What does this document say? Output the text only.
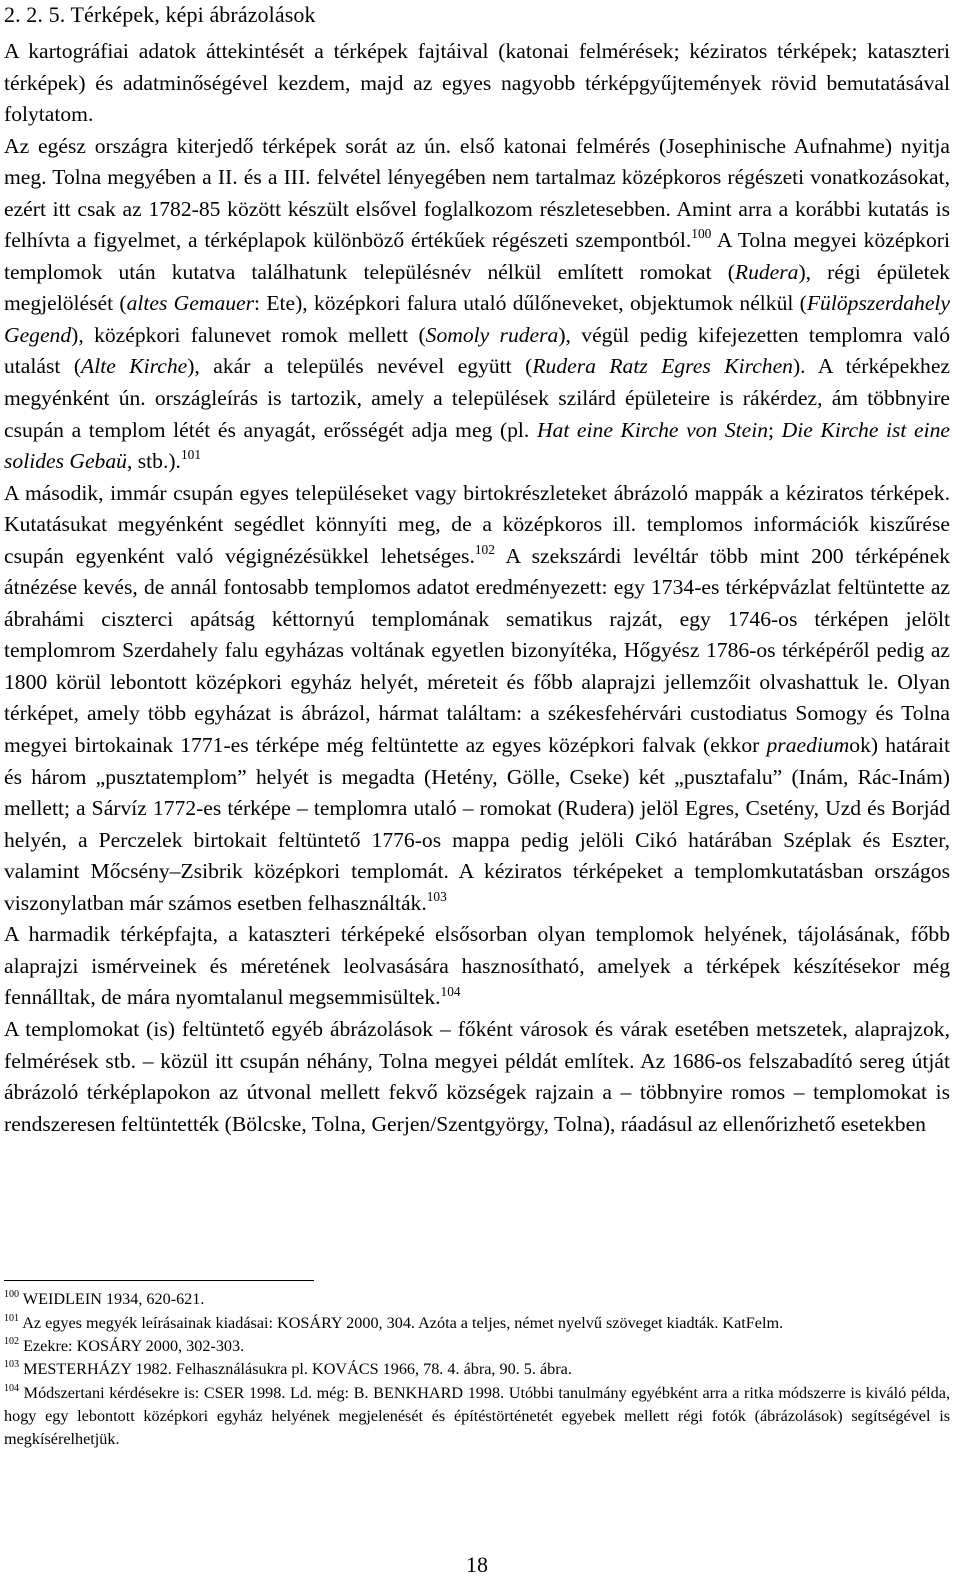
2. 2. 5. Térképek, képi ábrázolások

A kartográfiai adatok áttekintését a térképek fajtáival (katonai felmérések; kéziratos térképek; kataszteri térképek) és adatminőségével kezdem, majd az egyes nagyobb térképgyűjtemények rövid bemutatásával folytatom.

Az egész országra kiterjedő térképek sorát az ún. első katonai felmérés (Josephinische Aufnahme) nyitja meg. Tolna megyében a II. és a III. felvétel lényegében nem tartalmaz középkoros régészeti vonatkozásokat, ezért itt csak az 1782-85 között készült elsővel foglalkozom részletesebben. Amint arra a korábbi kutatás is felhívta a figyelmet, a térképlapok különböző értékűek régészeti szempontból.$^{100}$ A Tolna megyei középkori templomok után kutatva találhatunk településnév nélkül említett romokat (Rudera), régi épületek megjelölését (altes Gemauer: Ete), középkori falura utaló dűlőneveket, objektumok nélkül (Fülöpszerdahely Gegend), középkori falunevet romok mellett (Somoly rudera), végül pedig kifejezetten templomra való utalást (Alte Kirche), akár a település nevével együtt (Rudera Ratz Egres Kirchen). A térképekhez megyénként ún. országleírás is tartozik, amely a települések szilárd épületeire is rákérdez, ám többnyire csupán a templom létét és anyagát, erősségét adja meg (pl. Hat eine Kirche von Stein; Die Kirche ist eine solides Gebaü, stb.).$^{101}$

A második, immár csupán egyes településeket vagy birtokrészleteket ábrázoló mappák a kéziratos térképek. Kutatásukat megyénként segédlet könnyíti meg, de a középkoros ill. templomos információk kiszűrése csupán egyenként való végignézésükkel lehetséges.$^{102}$ A szekszárdi levéltár több mint 200 térképének átnézése kevés, de annál fontosabb templomos adatot eredményezett: egy 1734-es térképvázlat feltüntette az ábrahámi ciszterci apátság kéttornyú templomának sematikus rajzát, egy 1746-os térképen jelölt templomrom Szerdahely falu egyházas voltának egyetlen bizonyítéka, Hőgyész 1786-os térképéről pedig az 1800 körül lebontott középkori egyház helyét, méreteit és főbb alaprajzi jellemzőit olvashattuk le. Olyan térképet, amely több egyházat is ábrázol, hármat találtam: a székesfehérvári custodiatus Somogy és Tolna megyei birtokainak 1771-es térképe még feltüntette az egyes középkori falvak (ekkor praediumok) határait és három „pusztatemplom” helyét is megadta (Hetény, Gölle, Cseke) két „pusztafalu” (Inám, Rác-Inám) mellett; a Sárvíz 1772-es térképe – templomra utaló – romokat (Rudera) jelöl Egres, Csetény, Uzd és Borjád helyén, a Perczelek birtokait feltüntető 1776-os mappa pedig jelöli Cikó határában Széplak és Eszter, valamint Mőcsény–Zsibrik középkori templomát. A kéziratos térképeket a templomkutatásban országos viszonylatban már számos esetben felhasználták.$^{103}$

A harmadik térképfajta, a kataszteri térképeké elsősorban olyan templomok helyének, tájolásának, főbb alaprajzi ismérveinek és méretének leolvasására hasznosítható, amelyek a térképek készítésekor még fennálltak, de mára nyomtalanul megsemmisültek.$^{104}$

A templomokat (is) feltüntető egyéb ábrázolások – főként városok és várak esetében metszetek, alaprajzok, felmérések stb. – közül itt csupán néhány, Tolna megyei példát említek. Az 1686-os felszabadító sereg útját ábrázoló térképlapokon az útvonal mellett fekvő községek rajzain a – többnyire romos – templomokat is rendszeresen feltüntették (Bölcske, Tolna, Gerjen/Szentgyörgy, Tolna), ráadásul az ellenőrizhető esetekben

$^{100}$ WEIDLEIN 1934, 620-621.

$^{101}$ Az egyes megyék leírásainak kiadásai: KOSÁRY 2000, 304. Azóta a teljes, német nyelvű szöveget kiadták. KatFelm.

$^{102}$ Ezekre: KOSÁRY 2000, 302-303.

$^{103}$ MESTERHÁZY 1982. Felhasználásukra pl. KOVÁCS 1966, 78. 4. ábra, 90. 5. ábra.

$^{104}$ Módszertani kérdésekre is: CSER 1998. Ld. még: B. BENKHARD 1998. Utóbbi tanulmány egyébként arra a ritka módszerre is kiváló példa, hogy egy lebontott középkori egyház helyének megjelenését és építéstörténetét egyebek mellett régi fotók (ábrázolások) segítségével is megkísérelhetjük.

18
